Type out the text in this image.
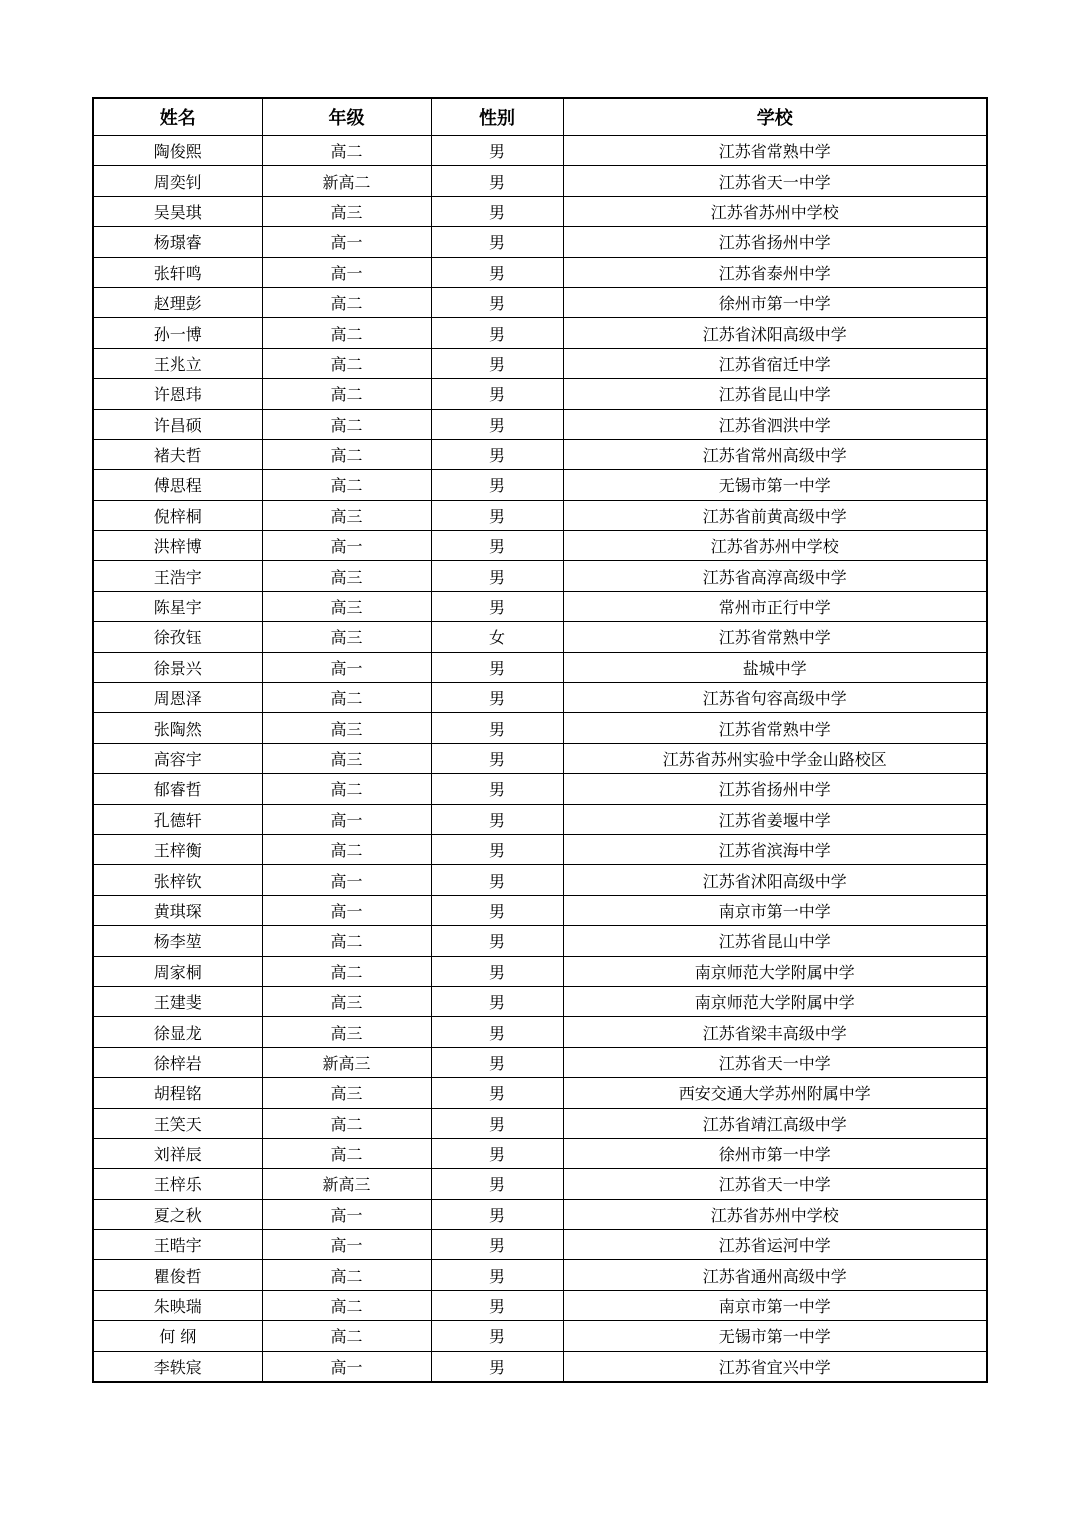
姓名	年级	性别	学校
陶俊熙	高二	男	江苏省常熟中学
周奕钊	新高二	男	江苏省天一中学
吴昊琪	高三	男	江苏省苏州中学校
杨璟睿	高一	男	江苏省扬州中学
张轩鸣	高一	男	江苏省泰州中学
赵理彭	高二	男	徐州市第一中学
孙一博	高二	男	江苏省沭阳高级中学
王兆立	高二	男	江苏省宿迁中学
许恩玮	高二	男	江苏省昆山中学
许昌硕	高二	男	江苏省泗洪中学
褚夫哲	高二	男	江苏省常州高级中学
傅思程	高二	男	无锡市第一中学
倪梓桐	高三	男	江苏省前黄高级中学
洪梓博	高一	男	江苏省苏州中学校
王浩宇	高三	男	江苏省高淳高级中学
陈星宇	高三	男	常州市正行中学
徐孜钰	高三	女	江苏省常熟中学
徐景兴	高一	男	盐城中学
周恩泽	高二	男	江苏省句容高级中学
张陶然	高三	男	江苏省常熟中学
高容宇	高三	男	江苏省苏州实验中学金山路校区
郁睿哲	高二	男	江苏省扬州中学
孔德轩	高一	男	江苏省姜堰中学
王梓衡	高二	男	江苏省滨海中学
张梓钦	高一	男	江苏省沭阳高级中学
黄琪琛	高一	男	南京市第一中学
杨李堃	高二	男	江苏省昆山中学
周家桐	高二	男	南京师范大学附属中学
王建斐	高三	男	南京师范大学附属中学
徐显龙	高三	男	江苏省梁丰高级中学
徐梓岩	新高三	男	江苏省天一中学
胡程铭	高三	男	西安交通大学苏州附属中学
王笑天	高二	男	江苏省靖江高级中学
刘祥辰	高二	男	徐州市第一中学
王梓乐	新高三	男	江苏省天一中学
夏之秋	高一	男	江苏省苏州中学校
王晧宇	高一	男	江苏省运河中学
瞿俊哲	高二	男	江苏省通州高级中学
朱映瑞	高二	男	南京市第一中学
何 纲	高二	男	无锡市第一中学
李轶宸	高一	男	江苏省宜兴中学
